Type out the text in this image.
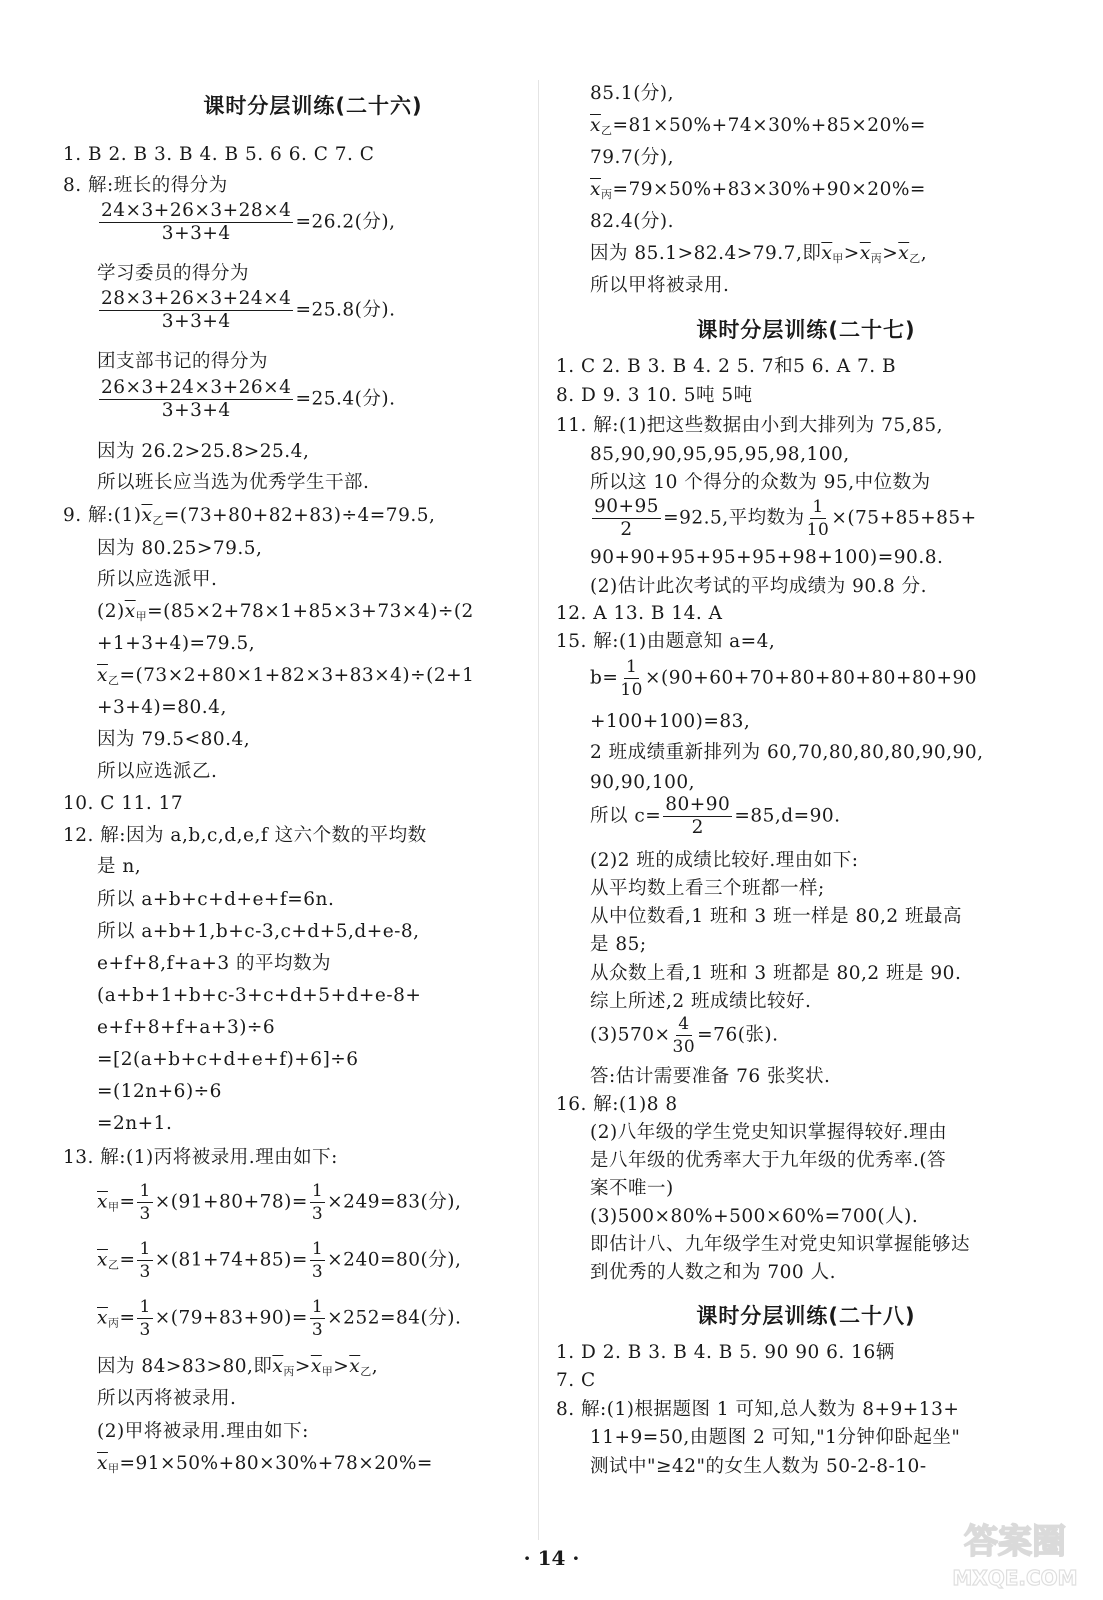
课时分层训练(二十六)
1. B 2. B 3. B 4. B 5. 6 6. C 7. C
8. 解:班长的得分为
$\frac{24\times 3+26\times 3+28\times 4}{3+3+4} =26.2$(分),
学习委员的得分为
$\frac{28\times 3+26\times 3+24\times 4}{3+3+4} =25.8$(分).
团支部书记的得分为
$\frac{26\times 3+24\times 3+26\times 4}{3+3+4} =25.4$(分).
因为 26.2>25.8>25.4,
所以班长应当选为优秀学生干部.
9. 解$:(1)\overline{x}_乙=(73+80+82+83)\div 4=79.5$,
因为 80.25>79.5,
所以应选派甲.
$(2)\overline{x}_甲=(85\times 2+78\times 1+85\times 3+73\times 4)\div(2$
+1+3+4)=79.5,
$\overline{x}_乙=(73\times 2+80\times 1+82\times 3+83\times 4)\div(2+1$
+3+4)=80.4,
因为 79.5<80.4,
所以应选派乙.
10. C 11. 17
12. 解:因为 a,b,c,d,e,f 这六个数的平均数
是 n,
所以 a+b+c+d+e+f=6n.
所以 a+b+1,b+c-3,c+d+5,d+e-8,
e+f+8,f+a+3 的平均数为
(a+b+1+b+c-3+c+d+5+d+e-8+
e+f+8+f+a+3)÷6
=[2(a+b+c+d+e+f)+6]÷6
=(12n+6)÷6
=2n+1.
13. 解:(1)丙将被录用.理由如下:
$\overline{x}_甲= \frac{1}{3} \times(91+80+78)= \frac{1}{3} \times 249=83$(分),
$\overline{x}_乙= \frac{1}{3} \times(81+74+85)= \frac{1}{3} \times 240=80$(分),
$\overline{x}_丙= \frac{1}{3} \times(79+83+90)= \frac{1}{3} \times 252=84$(分).
因为 84>83>80,即$\overline{x}_丙>\overline{x}_甲>\overline{x}_乙$,
所以丙将被录用.
(2)甲将被录用.理由如下:
$\overline{x}_甲=91\times 50\%+80\times 30\%+78\times 20\%=$
85.1(分),
$\overline{x}_乙=81\times 50\%+74\times 30\%+85\times 20\%=$
79.7(分),
$\overline{x}_丙=79\times 50\%+83\times 30\%+90\times 20\%=$
82.4(分).
因为 85.1>82.4>79.7,即$\overline{x}_甲>\overline{x}_丙>\overline{x}_乙$,
所以甲将被录用.
课时分层训练(二十七)
1. C 2. B 3. B 4. 2 5. 7和5 6. A 7. B
8. D 9. 3 10. 5吨 5吨
11. 解:(1)把这些数据由小到大排列为 75,85,
85,90,90,95,95,95,98,100,
所以这 10 个得分的众数为 95,中位数为
$\frac{90+95}{2} =92.5$,平均数为 $\frac{1}{10} \times(75+85+85+$
90+90+95+95+95+98+100)=90.8.
(2)估计此次考试的平均成绩为 90.8 分.
12. A 13. B 14. A
15. 解:(1)由题意知 a=4,
$b= \frac{1}{10} \times(90+60+70+80+80+80+80+90$
+100+100)=83,
2 班成绩重新排列为 60,70,80,80,80,90,90,
90,90,100,
所以 $c= \frac{80+90}{2} =85,d=90$.
(2)2 班的成绩比较好.理由如下:
从平均数上看三个班都一样;
从中位数看,1 班和 3 班一样是 80,2 班最高
是 85;
从众数上看,1 班和 3 班都是 80,2 班是 90.
综上所述,2 班成绩比较好.
$(3)570\times \frac{4}{30} =76$(张).
答:估计需要准备 76 张奖状.
16. 解:(1)8 8
(2)八年级的学生党史知识掌握得较好.理由
是八年级的优秀率大于九年级的优秀率.(答
案不唯一)
(3)500×80%+500×60%=700(人).
即估计八、九年级学生对党史知识掌握能够达
到优秀的人数之和为 700 人.
课时分层训练(二十八)
1. D 2. B 3. B 4. B 5. 90 90 6. 16辆
7. C
8. 解:(1)根据题图 1 可知,总人数为 8+9+13+
11+9=50,由题图 2 可知,"1分钟仰卧起坐"
测试中"≥42"的女生人数为 50-2-8-10-
· 14 ·	答案圈
MXQE.COM
